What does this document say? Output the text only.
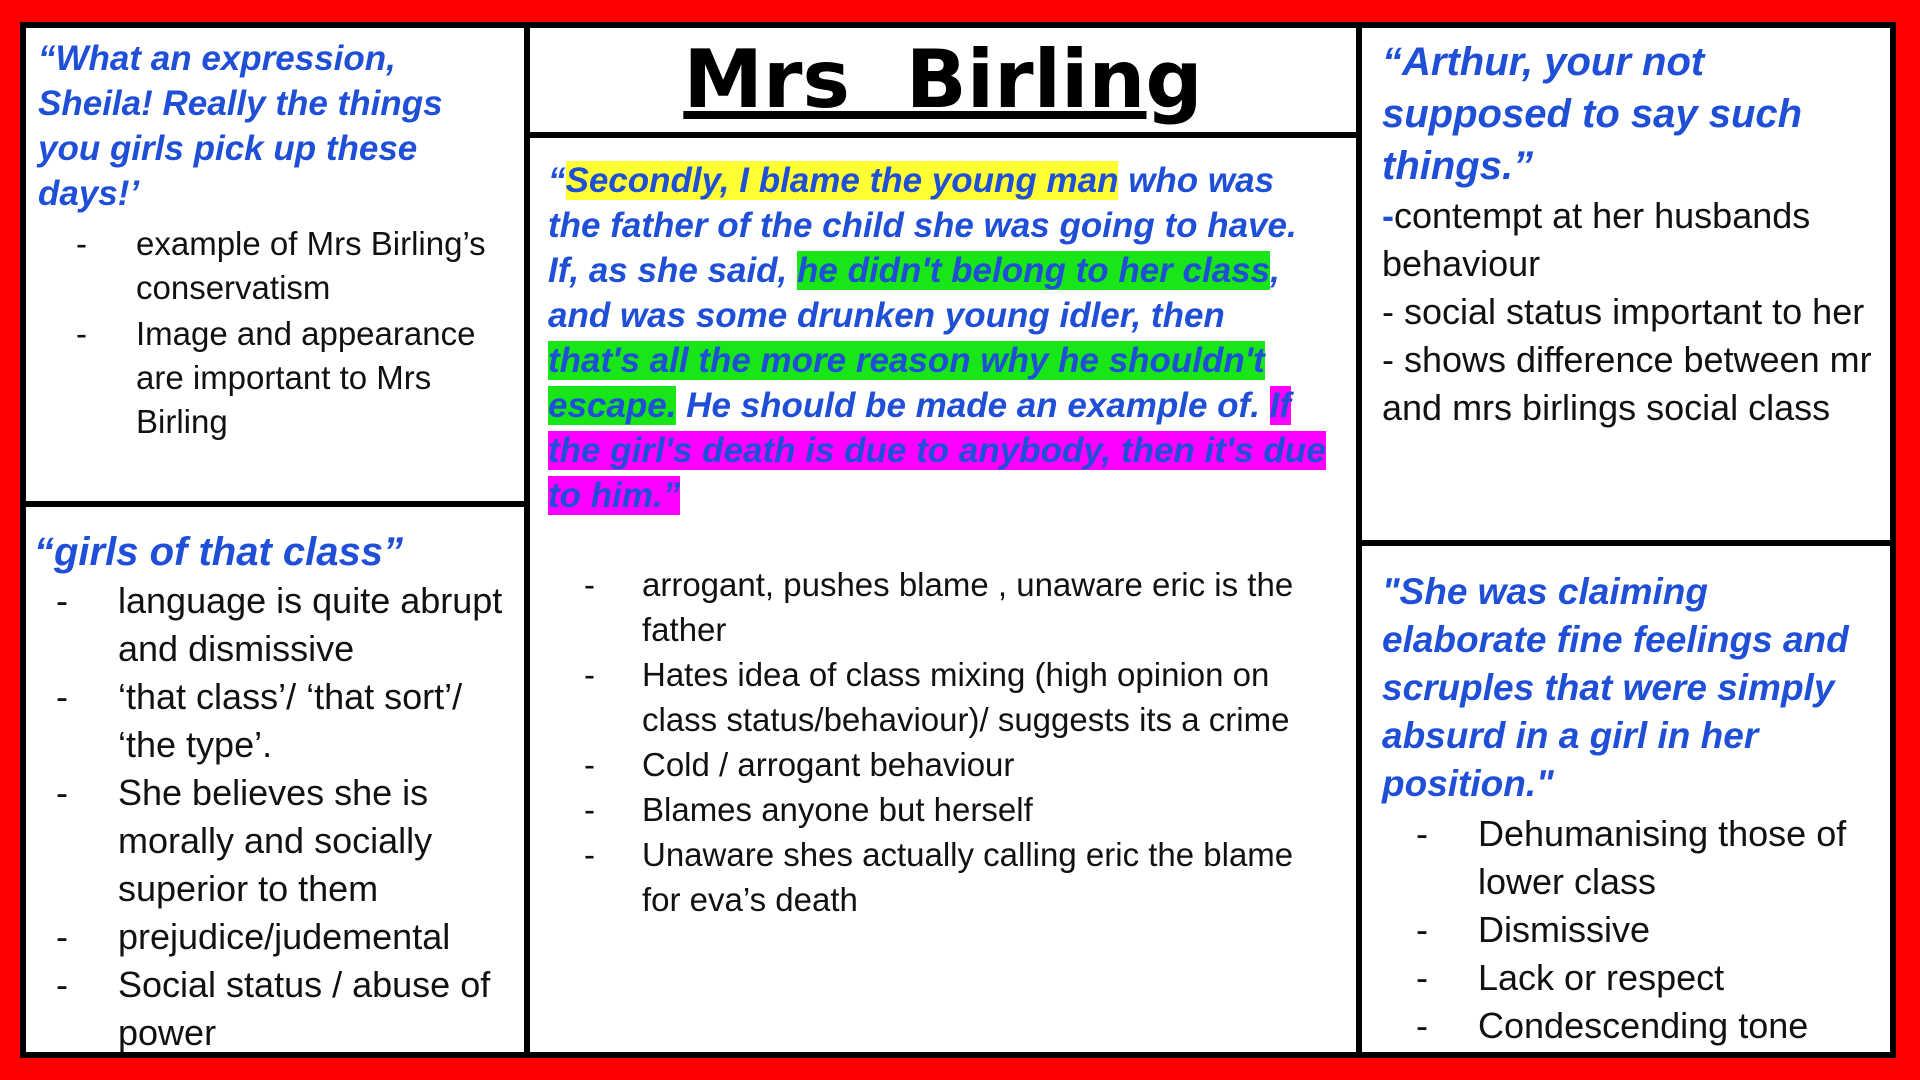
“What an expression, Sheila! Really the things you girls pick up these days!’

- example of Mrs Birling’s conservatism
- Image and appearance are important to Mrs Birling

“girls of that class”

- language is quite abrupt and dismissive
- ‘that class’/ ‘that sort’/ ‘the type’.
- She believes she is morally and socially superior to them
- prejudice/judemental
- Social status / abuse of power
Mrs  Birling

“Secondly, I blame the young man who was the father of the child she was going to have. If, as she said, he didn't belong to her class, and was some drunken young idler, then that's all the more reason why he shouldn't escape. He should be made an example of. If the girl's death is due to anybody, then it's due to him.”

- arrogant, pushes blame , unaware eric is the father
- Hates idea of class mixing (high opinion on class status/behaviour)/ suggests its a crime
- Cold / arrogant behaviour
- Blames anyone but herself
- Unaware shes actually calling eric the blame for eva’s death

“Arthur, your not supposed to say such things.”

-contempt at her husbands behaviour
- social status important to her
- shows difference between mr and mrs birlings social class

"She was claiming elaborate fine feelings and scruples that were simply absurd in a girl in her position."

- Dehumanising those of lower class
- Dismissive
- Lack or respect
- Condescending tone
